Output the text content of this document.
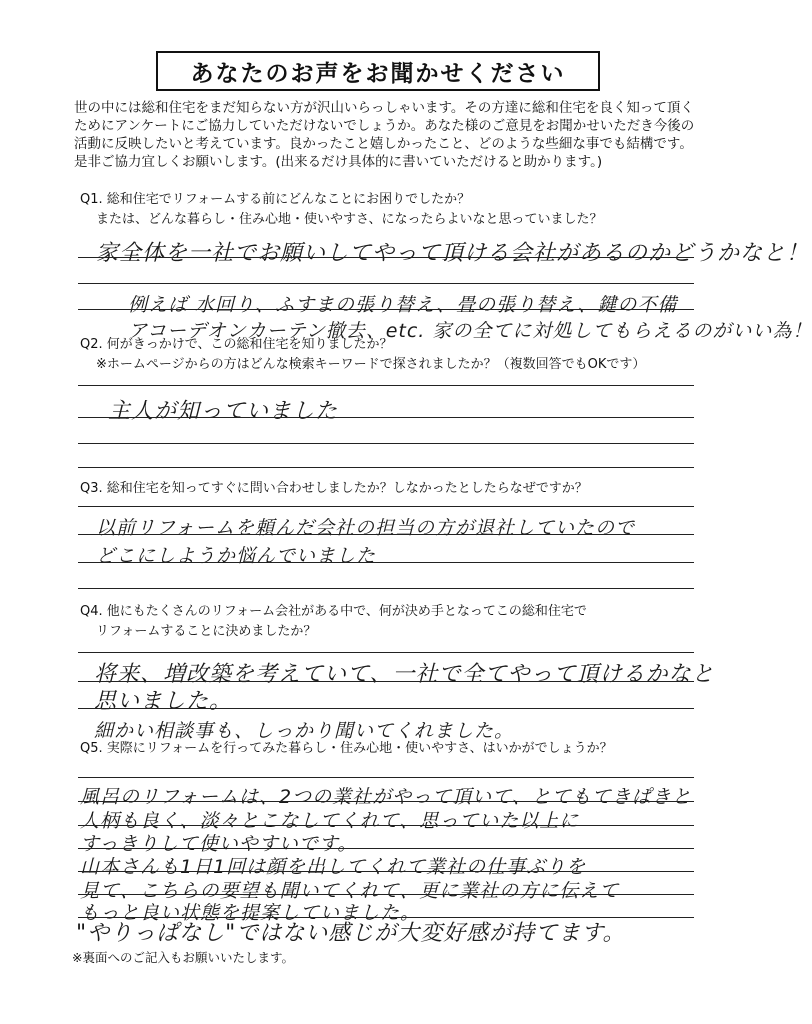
あなたのお声をお聞かせください
世の中には総和住宅をまだ知らない方が沢山いらっしゃいます。その方達に総和住宅を良く知って頂く
ためにアンケートにご協力していただけないでしょうか。あなた様のご意見をお聞かせいただき今後の
活動に反映したいと考えています。良かったこと嬉しかったこと、どのような些細な事でも結構です。
是非ご協力宜しくお願いします。(出来るだけ具体的に書いていただけると助かります。)
Q1. 総和住宅でリフォームする前にどんなことにお困りでしたか？
または、どんな暮らし・住み心地・使いやすさ、になったらよいなと思っていました？
家全体を一社でお願いしてやって頂ける会社があるのかどうかなと！
例えば 水回り、ふすまの張り替え、畳の張り替え、鍵の不備
アコーデオンカーテン撤去、etc. 家の全てに対処してもらえるのがいい為！
Q2. 何がきっかけで、この総和住宅を知りましたか？
※ホームページからの方はどんな検索キーワードで探されましたか？（複数回答でもOKです）
主人が知っていました
Q3. 総和住宅を知ってすぐに問い合わせしましたか？しなかったとしたらなぜですか？
以前リフォームを頼んだ会社の担当の方が退社していたので
どこにしようか悩んでいました
Q4. 他にもたくさんのリフォーム会社がある中で、何が決め手となってこの総和住宅で
リフォームすることに決めましたか？
将来、増改築を考えていて、一社で全てやって頂けるかなと
思いました。
細かい相談事も、しっかり聞いてくれました。
Q5. 実際にリフォームを行ってみた暮らし・住み心地・使いやすさ、はいかがでしょうか？
風呂のリフォームは、2つの業社がやって頂いて、とてもてきぱきと
人柄も良く、淡々とこなしてくれて、思っていた以上に
すっきりして使いやすいです。
山本さんも1日1回は顔を出してくれて業社の仕事ぶりを
見て、こちらの要望も聞いてくれて、更に業社の方に伝えて
もっと良い状態を提案していました。
"やりっぱなし"ではない感じが大変好感が持てます。
※裏面へのご記入もお願いいたします。
